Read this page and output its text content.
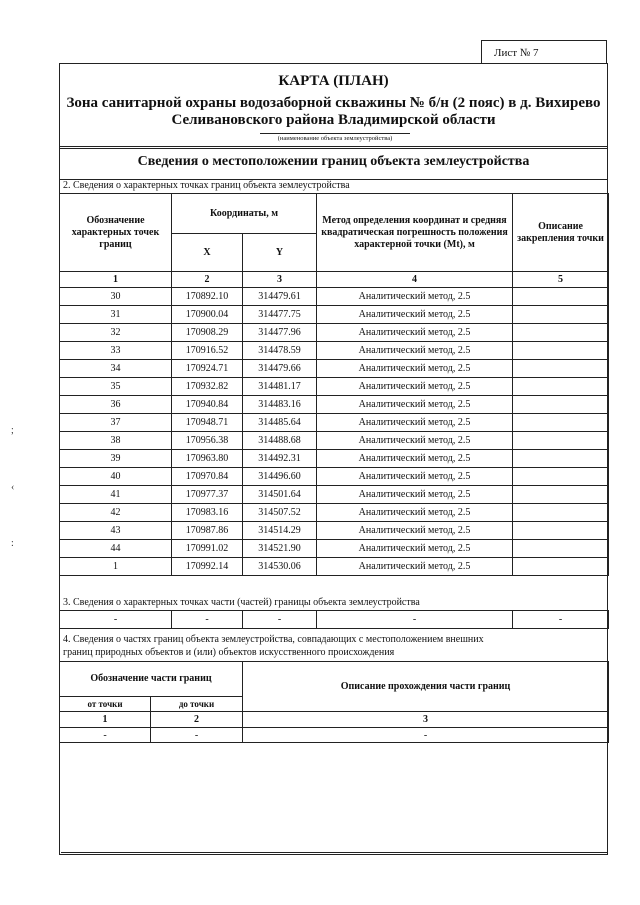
Лист № 7
КАРТА (ПЛАН)
Зона санитарной охраны водозаборной скважины № б/н (2 пояс) в д. Вихирево
Селивановского района Владимирской области
(наименование объекта землеустройства)
Сведения о местоположении границ объекта землеустройства
2. Сведения о характерных точках границ объекта землеустройства
Обозначение характерных точек границ	Координаты, м		Метод определения координат и средняя квадратическая погрешность положения характерной точки (Mt), м	Описание закрепления точки
	X	Y		
1	2	3	4	5
30	170892.10	314479.61	Аналитический метод, 2.5	
31	170900.04	314477.75	Аналитический метод, 2.5	
32	170908.29	314477.96	Аналитический метод, 2.5	
33	170916.52	314478.59	Аналитический метод, 2.5	
34	170924.71	314479.66	Аналитический метод, 2.5	
35	170932.82	314481.17	Аналитический метод, 2.5	
36	170940.84	314483.16	Аналитический метод, 2.5	
37	170948.71	314485.64	Аналитический метод, 2.5	
38	170956.38	314488.68	Аналитический метод, 2.5	
39	170963.80	314492.31	Аналитический метод, 2.5	
40	170970.84	314496.60	Аналитический метод, 2.5	
41	170977.37	314501.64	Аналитический метод, 2.5	
42	170983.16	314507.52	Аналитический метод, 2.5	
43	170987.86	314514.29	Аналитический метод, 2.5	
44	170991.02	314521.90	Аналитический метод, 2.5	
1	170992.14	314530.06	Аналитический метод, 2.5	
3. Сведения о характерных точках части (частей) границы объекта землеустройства
-	-	-	-	-
4. Сведения о частях границ объекта землеустройства, совпадающих с местоположением внешних
границ природных объектов и (или) объектов искусственного происхождения
Обозначение части границ		Описание прохождения части границ
от точки	до точки	
1	2	3
-	-	-
;
‹
:
